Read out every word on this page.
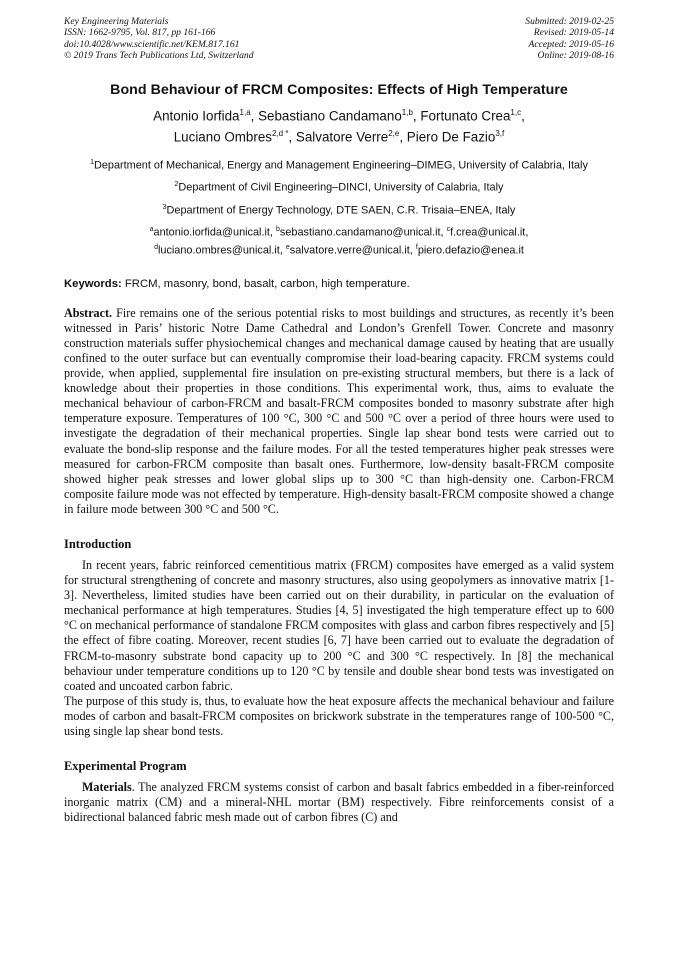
Key Engineering Materials
ISSN: 1662-9795, Vol. 817, pp 161-166
doi:10.4028/www.scientific.net/KEM.817.161
© 2019 Trans Tech Publications Ltd, Switzerland
Submitted: 2019-02-25
Revised: 2019-05-14
Accepted: 2019-05-16
Online: 2019-08-16
Bond Behaviour of FRCM Composites: Effects of High Temperature
Antonio Iorfida$^{1,a}$, Sebastiano Candamano$^{1,b}$, Fortunato Crea$^{1,c}$,
Luciano Ombres$^{2,d *}$, Salvatore Verre$^{2,e}$, Piero De Fazio$^{3,f}$
$^1$Department of Mechanical, Energy and Management Engineering–DIMEG, University of Calabria, Italy
$^2$Department of Civil Engineering–DINCI, University of Calabria, Italy
$^3$Department of Energy Technology, DTE SAEN, C.R. Trisaia–ENEA, Italy
$^a$antonio.iorfida@unical.it, $^b$sebastiano.candamano@unical.it, $^c$f.crea@unical.it,
$^d$luciano.ombres@unical.it, $^e$salvatore.verre@unical.it, $^f$piero.defazio@enea.it
Keywords: FRCM, masonry, bond, basalt, carbon, high temperature.

Abstract. Fire remains one of the serious potential risks to most buildings and structures, as recently it’s been witnessed in Paris’ historic Notre Dame Cathedral and London’s Grenfell Tower. Concrete and masonry construction materials suffer physiochemical changes and mechanical damage caused by heating that are usually confined to the outer surface but can eventually compromise their load-bearing capacity. FRCM systems could provide, when applied, supplemental fire insulation on pre-existing structural members, but there is a lack of knowledge about their properties in those conditions. This experimental work, thus, aims to evaluate the mechanical behaviour of carbon-FRCM and basalt-FRCM composites bonded to masonry substrate after high temperature exposure. Temperatures of 100 °C, 300 °C and 500 °C over a period of three hours were used to investigate the degradation of their mechanical properties. Single lap shear bond tests were carried out to evaluate the bond-slip response and the failure modes. For all the tested temperatures higher peak stresses were measured for carbon-FRCM composite than basalt ones. Furthermore, low-density basalt-FRCM composite showed higher peak stresses and lower global slips up to 300 °C than high-density one. Carbon-FRCM composite failure mode was not effected by temperature. High-density basalt-FRCM composite showed a change in failure mode between 300 °C and 500 °C.

Introduction

In recent years, fabric reinforced cementitious matrix (FRCM) composites have emerged as a valid system for structural strengthening of concrete and masonry structures, also using geopolymers as innovative matrix [1-3]. Nevertheless, limited studies have been carried out on their durability, in particular on the evaluation of mechanical performance at high temperatures. Studies [4, 5] investigated the high temperature effect up to 600 °C on mechanical performance of standalone FRCM composites with glass and carbon fibres respectively and [5] the effect of fibre coating. Moreover, recent studies [6, 7] have been carried out to evaluate the degradation of FRCM-to-masonry substrate bond capacity up to 200 °C and 300 °C respectively. In [8] the mechanical behaviour under temperature conditions up to 120 °C by tensile and double shear bond tests was investigated on coated and uncoated carbon fabric.

The purpose of this study is, thus, to evaluate how the heat exposure affects the mechanical behaviour and failure modes of carbon and basalt-FRCM composites on brickwork substrate in the temperatures range of 100-500 °C, using single lap shear bond tests.

Experimental Program

Materials. The analyzed FRCM systems consist of carbon and basalt fabrics embedded in a fiber-reinforced inorganic matrix (CM) and a mineral-NHL mortar (BM) respectively. Fibre reinforcements consist of a bidirectional balanced fabric mesh made out of carbon fibres (C) and
